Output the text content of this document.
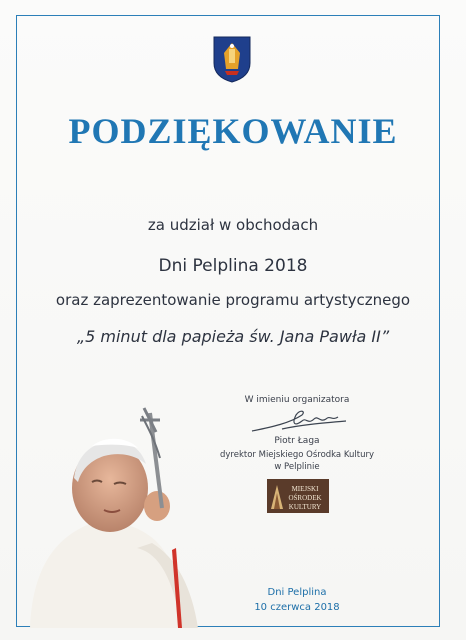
PODZIĘKOWANIE
za udział w obchodach
Dni Pelplina 2018
oraz zaprezentowanie programu artystycznego
„5 minut dla papieża św. Jana Pawła II”
W imieniu organizatora
Piotr Łaga
dyrektor Miejskiego Ośrodka Kultury
w Pelplinie
MIEJSKI
OŚRODEK
KULTURY
Dni Pelplina
10 czerwca 2018
